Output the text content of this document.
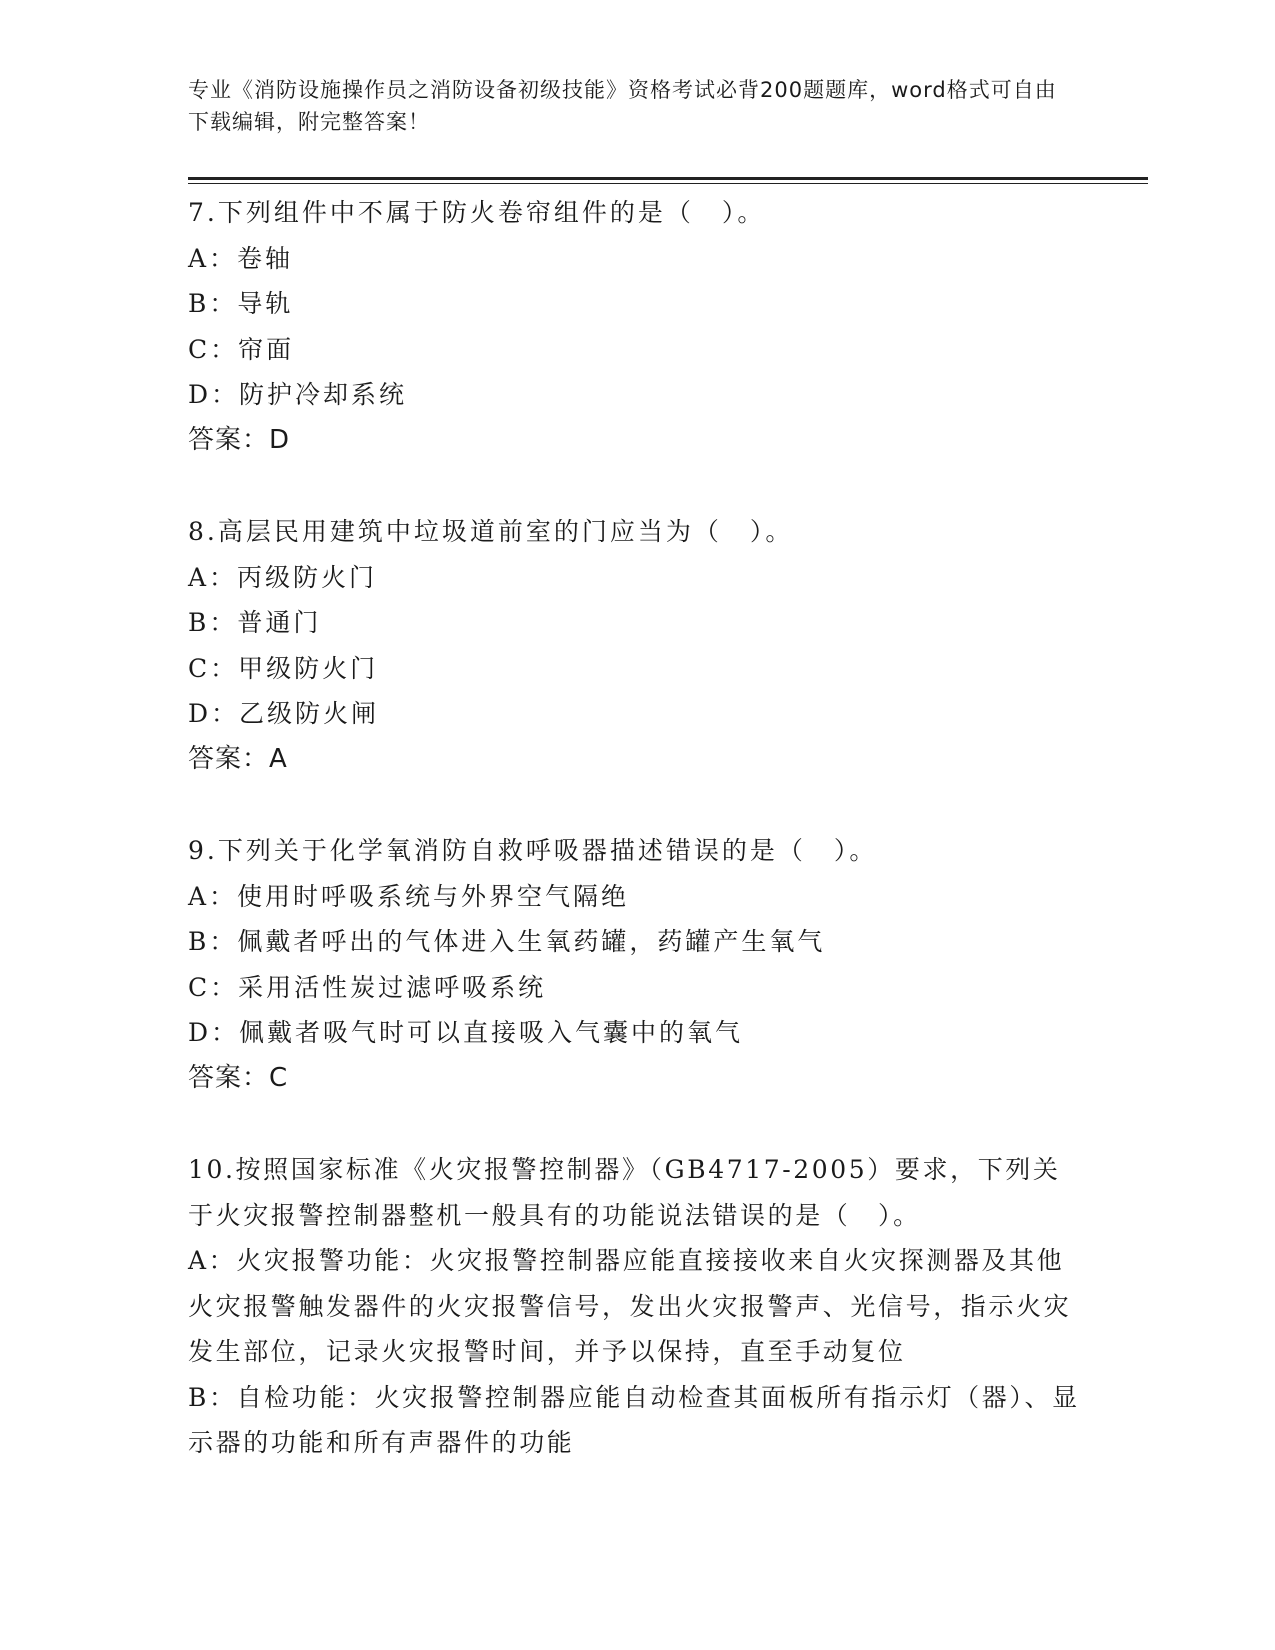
专业《消防设施操作员之消防设备初级技能》资格考试必背200题题库，word格式可自由下载编辑，附完整答案！

7.下列组件中不属于防火卷帘组件的是（　）。

A：卷轴

B：导轨

C：帘面

D：防护冷却系统

答案：D

8.高层民用建筑中垃圾道前室的门应当为（　）。

A：丙级防火门

B：普通门

C：甲级防火门

D：乙级防火闸

答案：A

9.下列关于化学氧消防自救呼吸器描述错误的是（　）。

A：使用时呼吸系统与外界空气隔绝

B：佩戴者呼出的气体进入生氧药罐，药罐产生氧气

C：采用活性炭过滤呼吸系统

D：佩戴者吸气时可以直接吸入气囊中的氧气

答案：C

10.按照国家标准《火灾报警控制器》（GB4717-2005）要求，下列关于火灾报警控制器整机一般具有的功能说法错误的是（　）。

A：火灾报警功能：火灾报警控制器应能直接接收来自火灾探测器及其他火灾报警触发器件的火灾报警信号，发出火灾报警声、光信号，指示火灾发生部位，记录火灾报警时间，并予以保持，直至手动复位

B：自检功能：火灾报警控制器应能自动检查其面板所有指示灯（器）、显示器的功能和所有声器件的功能
